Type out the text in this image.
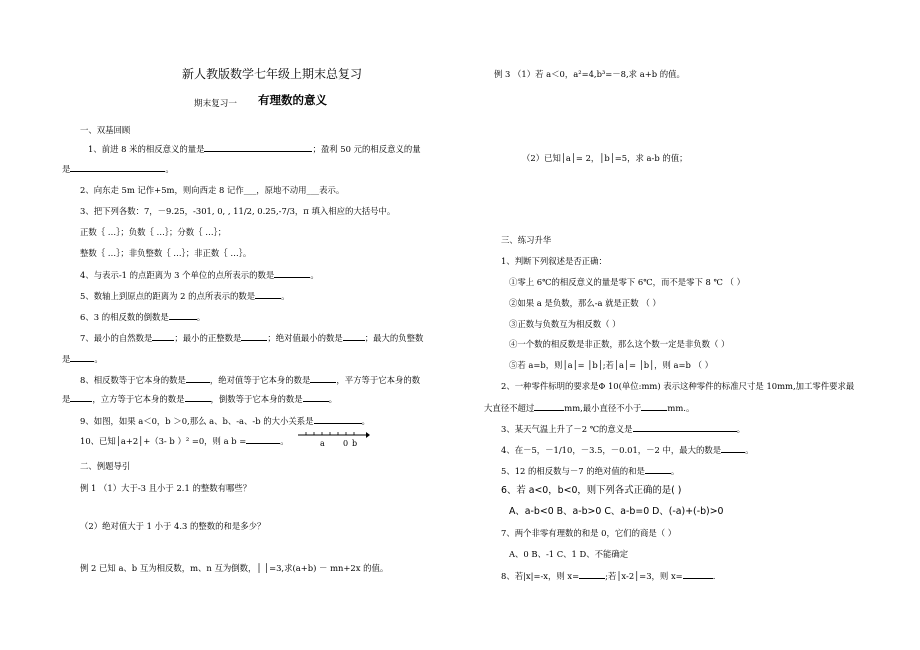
新人教版数学七年级上期末总复习
期末复习一 有理数的意义
一、双基回顾
1、前进 8 米的相反意义的量是	；盈利 50 元的相反意义的量
是	。
2、向东走 5m 记作+5m，则向西走 8 记作___，原地不动用___表示。
3、把下列各数：7，－9.25，-301, 0, , 11/2, 0.25,-7/3，π 填入相应的大括号中。
正数｛ …｝；负数｛ …｝；分数｛ …｝；
整数｛ …｝；非负整数｛ …｝；非正数｛ …｝。
4、与表示-1 的点距离为 3 个单位的点所表示的数是	。
5、数轴上到原点的距离为 2 的点所表示的数是	。
6、3 的相反数的倒数是	。
7、最小的自然数是	；最小的正整数是	；绝对值最小的数是	；最大的负整数
是	。
8、相反数等于它本身的数是	，绝对值等于它本身的数是	，平方等于它本身的数
是	，立方等于它本身的数是	，倒数等于它本身的数是	。
9、如图，如果 a＜0，b ＞0,那么 a、b、-a、-b 的大小关系是	。
10、已知│a+2│+（3- b ）² =0，则 a b =	。	a 0 b
二、例题导引
例 1 （1）大于-3 且小于 2.1 的整数有哪些？
（2）绝对值大于 1 小于 4.3 的整数的和是多少？
例 2 已知 a、b 互为相反数，m、n 互为倒数，│ │=3,求(a+b) － mn+2x 的值。
例 3 （1）若 a＜0，a²=4,b³=－8,求 a+b 的值。
（2）已知│a│= 2，│b│=5，求 a-b 的值；
三、练习升华
1、判断下列叙述是否正确：
①零上 6℃的相反意义的量是零下 6℃，而不是零下 8 ℃ （ ）
②如果 a 是负数，那么-a 就是正数 （ ）
③正数与负数互为相反数（ ）
④一个数的相反数是非正数，那么这个数一定是非负数（ ）
⑤若 a=b，则│a│= │b│;若│a│= │b│，则 a=b （ ）
2、一种零件标明的要求是Φ 10(单位:mm) 表示这种零件的标准尺寸是 10mm,加工零件要求最
大直径不超过	mm,最小直径不小于	mm.。
3、某天气温上升了－2 ℃的意义是	。
4、在－5，－1/10，－3.5，－0.01，－2 中，最大的数是	。
5、12 的相反数与－7 的绝对值的和是	。
6、若 a<0，b<0，则下列各式正确的是( )
A、a-b<0 B、a-b>0 C、a-b=0 D、(-a)+(-b)>0
7、两个非零有理数的和是 0，它们的商是（ ）
A、0 B、-1 C、1 D、不能确定
8、若|x|=-x，则 x=	;若│x-2│=3，则 x=	.
